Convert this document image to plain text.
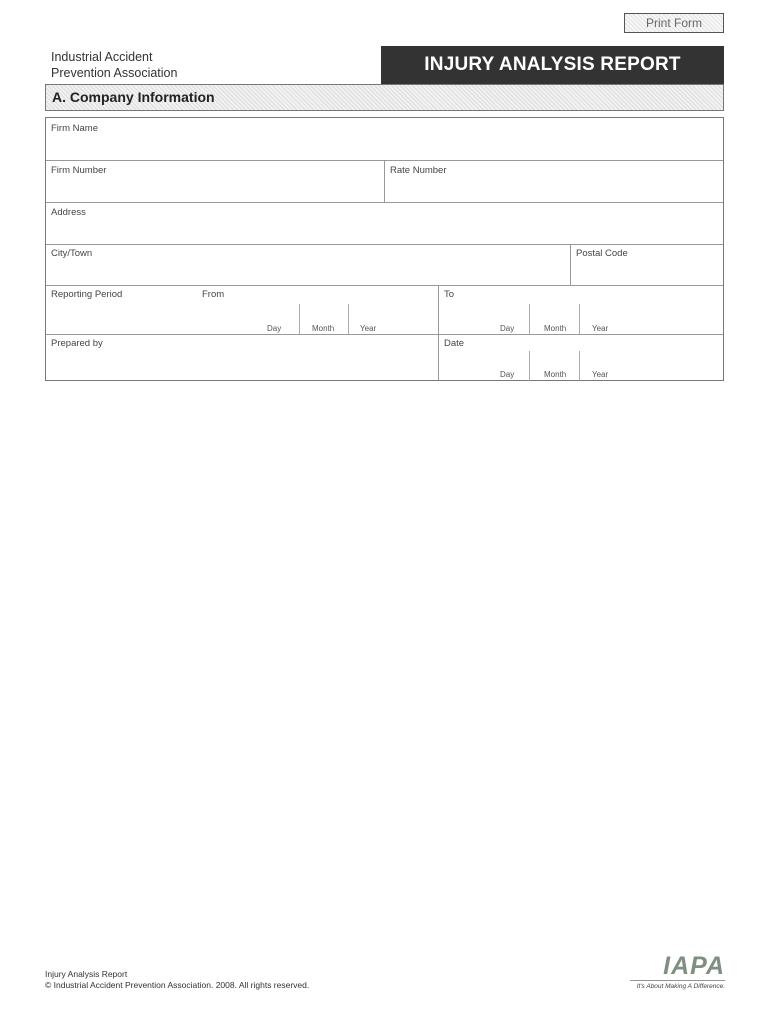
Print Form
Industrial Accident
Prevention Association	INJURY ANALYSIS REPORT
A. Company Information
Firm Name
Firm Number	Rate Number
Address
City/Town	Postal Code
Reporting Period	From
Day	Month	Year
To
Day	Month	Year
Prepared by	Date
Day	Month	Year
Injury Analysis Report
© Industrial Accident Prevention Association. 2008. All rights reserved.
IAPA
It's About Making A Difference.
